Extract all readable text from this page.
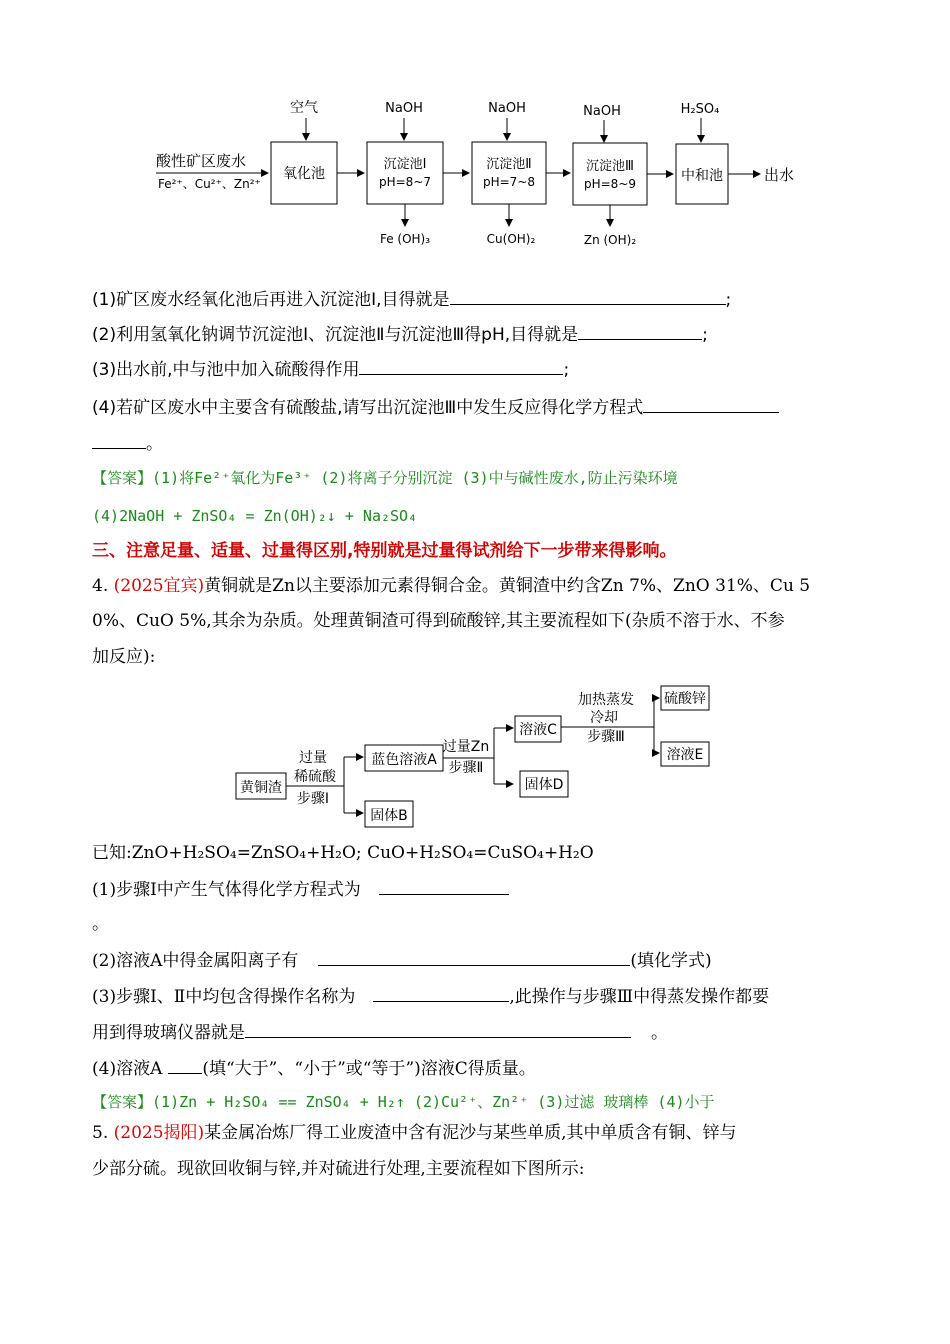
空气	NaOH	NaOH	NaOH	H₂SO₄
酸性矿区废水
Fe²⁺、Cu²⁺、Zn²⁺
氧化池
沉淀池Ⅰ
pH=8~7
沉淀池Ⅱ
pH=7~8
沉淀池Ⅲ
pH=8~9	中和池	出水
Fe (OH)₃	Cu(OH)₂	Zn (OH)₂
(1)矿区废水经氧化池后再进入沉淀池Ⅰ,目得就是	;
(2)利用氢氧化钠调节沉淀池Ⅰ、沉淀池Ⅱ与沉淀池Ⅲ得pH,目得就是	;
(3)出水前,中与池中加入硫酸得作用	;
(4)若矿区废水中主要含有硫酸盐,请写出沉淀池Ⅲ中发生反应得化学方程式
。
【答案】(1)将Fe²⁺氧化为Fe³⁺ (2)将离子分别沉淀 (3)中与碱性废水,防止污染环境
(4)2NaOH + ZnSO₄ = Zn(OH)₂↓ + Na₂SO₄
三、注意足量、适量、过量得区别,特别就是过量得试剂给下一步带来得影响。
4. (2025宜宾)黄铜就是Zn以主要添加元素得铜合金。黄铜渣中约含Zn 7%、ZnO 31%、Cu 5
0%、CuO 5%,其余为杂质。处理黄铜渣可得到硫酸锌,其主要流程如下(杂质不溶于水、不参
加反应):
黄铜渣
过量
稀硫酸
步骤Ⅰ
蓝色溶液A
固体B
过量Zn
步骤Ⅱ
溶液C
固体D
加热蒸发
冷却
步骤Ⅲ
硫酸锌
溶液E
已知:ZnO+H₂SO₄=ZnSO₄+H₂O; CuO+H₂SO₄=CuSO₄+H₂O
(1)步骤Ⅰ中产生气体得化学方程式为
。
(2)溶液A中得金属阳离子有	(填化学式)
(3)步骤Ⅰ、Ⅱ中均包含得操作名称为	,此操作与步骤Ⅲ中得蒸发操作都要
用到得玻璃仪器就是	。
(4)溶液A (填“大于”、“小于”或“等于”)溶液C得质量。
【答案】(1)Zn + H₂SO₄ == ZnSO₄ + H₂↑ (2)Cu²⁺、Zn²⁺ (3)过滤 玻璃棒 (4)小于
5. (2025揭阳)某金属冶炼厂得工业废渣中含有泥沙与某些单质,其中单质含有铜、锌与
少部分硫。现欲回收铜与锌,并对硫进行处理,主要流程如下图所示:
